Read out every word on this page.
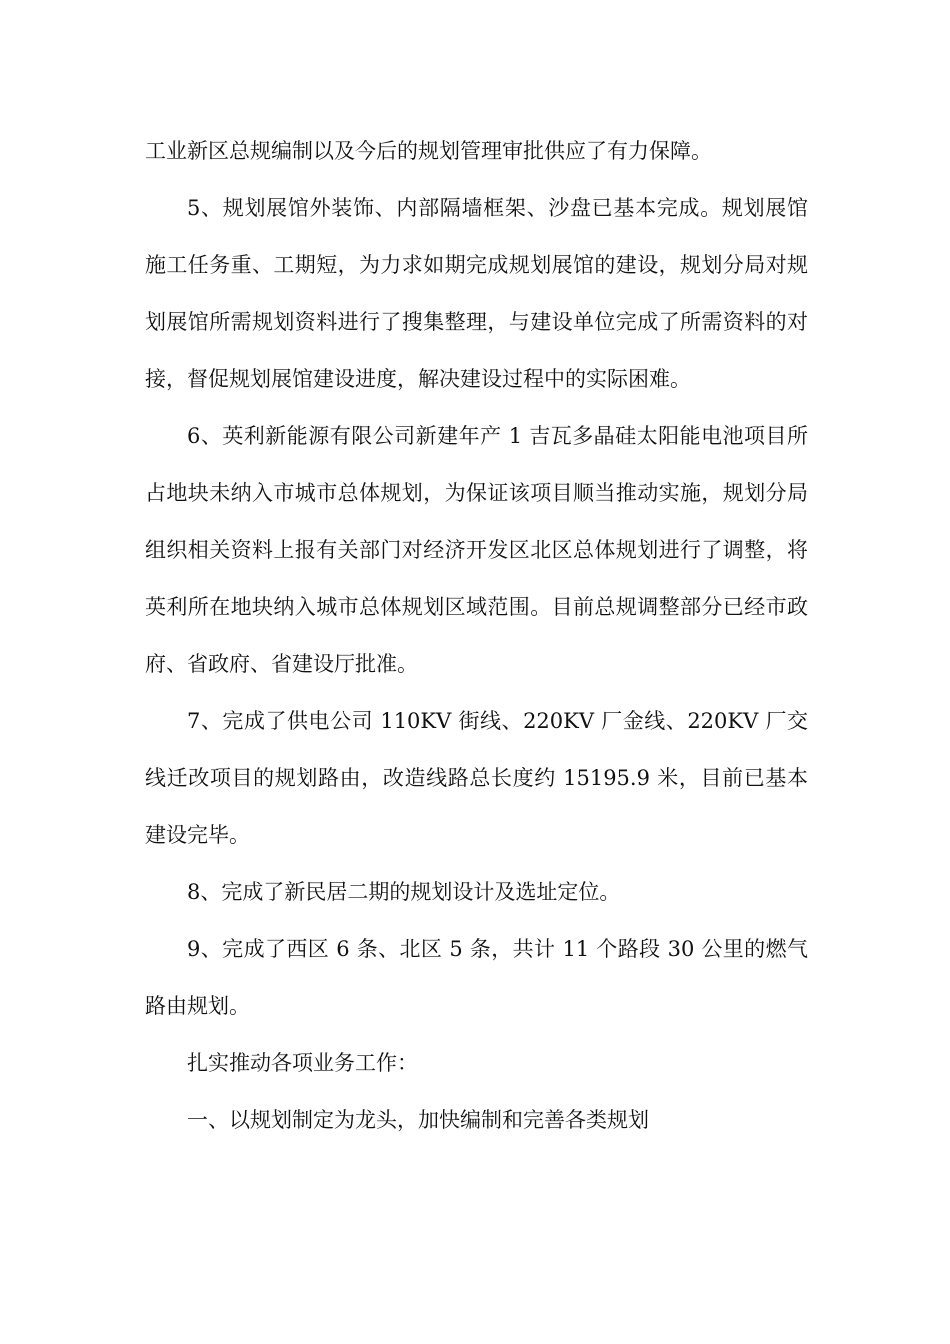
工业新区总规编制以及今后的规划管理审批供应了有力保障。

5、规划展馆外装饰、内部隔墙框架、沙盘已基本完成。规划展馆施工任务重、工期短，为力求如期完成规划展馆的建设，规划分局对规划展馆所需规划资料进行了搜集整理，与建设单位完成了所需资料的对接，督促规划展馆建设进度，解决建设过程中的实际困难。

6、英利新能源有限公司新建年产 1 吉瓦多晶硅太阳能电池项目所占地块未纳入市城市总体规划，为保证该项目顺当推动实施，规划分局组织相关资料上报有关部门对经济开发区北区总体规划进行了调整，将英利所在地块纳入城市总体规划区域范围。目前总规调整部分已经市政府、省政府、省建设厅批准。

7、完成了供电公司 110KV 街线、220KV 厂金线、220KV 厂交线迁改项目的规划路由，改造线路总长度约 15195.9 米，目前已基本建设完毕。

8、完成了新民居二期的规划设计及选址定位。

9、完成了西区 6 条、北区 5 条，共计 11 个路段 30 公里的燃气路由规划。

扎实推动各项业务工作：

一、以规划制定为龙头，加快编制和完善各类规划
